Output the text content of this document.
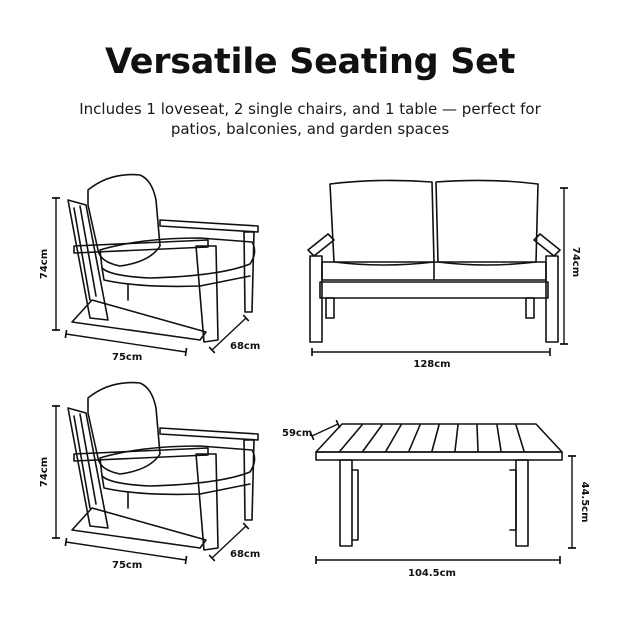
Versatile Seating Set

Includes 1 loveseat, 2 single chairs, and 1 table — perfect for patios, balconies, and garden spaces

74cm
75cm
68cm
74cm
128cm
74cm
75cm
68cm
59cm
44.5cm
104.5cm
